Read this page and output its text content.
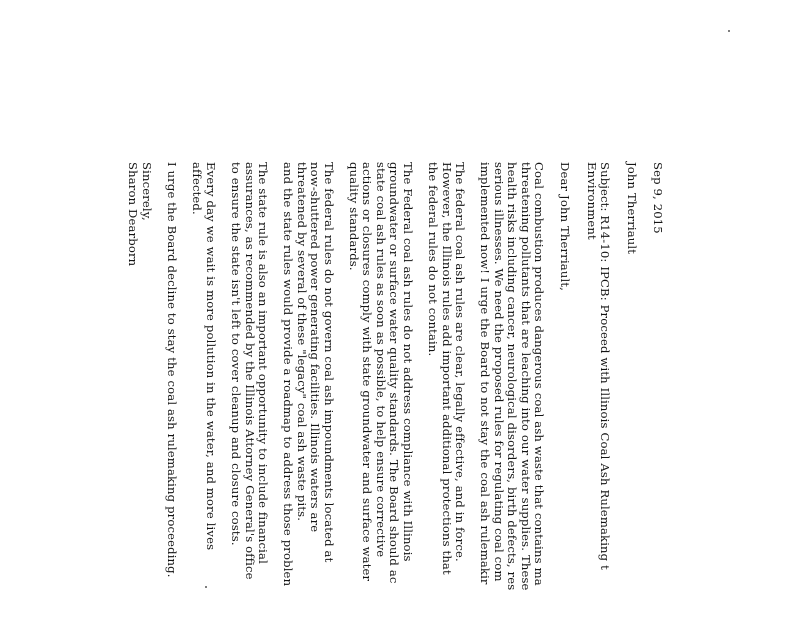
Sep 9, 2015

John Therriault

Subject: R14-10: IPCB: Proceed with Illinois Coal Ash Rulemaking t

Environment

Dear John Therriault,

Coal combustion produces dangerous coal ash waste that contains ma
threatening pollutants that are leaching into our water supplies. These
health risks including cancer, neurological disorders, birth defects, res
serious illnesses. We need the proposed rules for regulating coal com
implemented now! I urge the Board to not stay the coal ash rulemakir
The federal coal ash rules are clear, legally effective, and in force.
However, the Illinois rules add important additional protections that
the federal rules do not contain.
The Federal coal ash rules do not address compliance with Illinois
groundwater or surface water quality standards. The Board should ac
state coal ash rules as soon as possible, to help ensure corrective
actions or closures comply with state groundwater and surface water
quality standards.
The federal rules do not govern coal ash impoundments located at
now-shuttered power generating facilities. Illinois waters are
threatened by several of these "legacy" coal ash waste pits.
and the state rules would provide a roadmap to address those problen
The state rule is also an important opportunity to include financial
assurances, as recommended by the Illinois Attorney General's office
to ensure the state isn't left to cover cleanup and closure costs.
Every day we wait is more pollution in the water, and more lives
affected.
I urge the Board decline to stay the coal ash rulemaking proceeding.

Sincerely,

Sharon Dearborn
